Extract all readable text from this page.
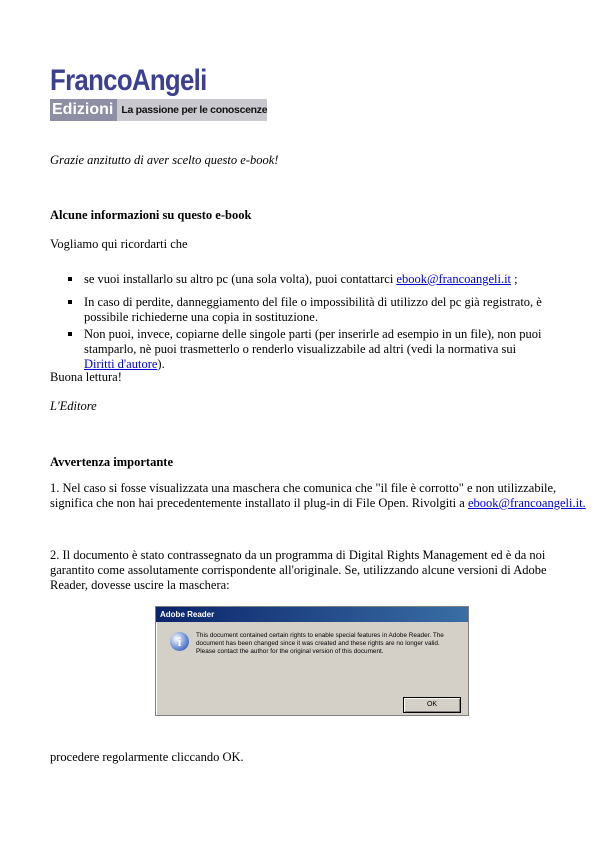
FrancoAngeli
Edizioni La passione per le conoscenze
Grazie anzitutto di aver scelto questo e-book!
Alcune informazioni su questo e-book
Vogliamo qui ricordarti che
se vuoi installarlo su altro pc (una sola volta), puoi contattarci ebook@francoangeli.it ;
In caso di perdite, danneggiamento del file o impossibilità di utilizzo del pc già registrato, è possibile richiederne una copia in sostituzione.
Non puoi, invece, copiarne delle singole parti (per inserirle ad esempio in un file), non puoi stamparlo, nè puoi trasmetterlo o renderlo visualizzabile ad altri (vedi la normativa sui Diritti d'autore).
Buona lettura!
L'Editore
Avvertenza importante
1. Nel caso si fosse visualizzata una maschera che comunica che "il file è corrotto" e non utilizzabile,
significa che non hai precedentemente installato il plug-in di File Open. Rivolgiti a ebook@francoangeli.it.
2. Il documento è stato contrassegnato da un programma di Digital Rights Management ed è da noi
garantito come assolutamente corrispondente all'originale. Se, utilizzando alcune versioni di Adobe
Reader, dovesse uscire la maschera:
Adobe Reader
i	This document contained certain rights to enable special features in Adobe Reader. The document has been changed since it was created and these rights are no longer valid. Please contact the author for the original version of this document.
OK
procedere regolarmente cliccando OK.
